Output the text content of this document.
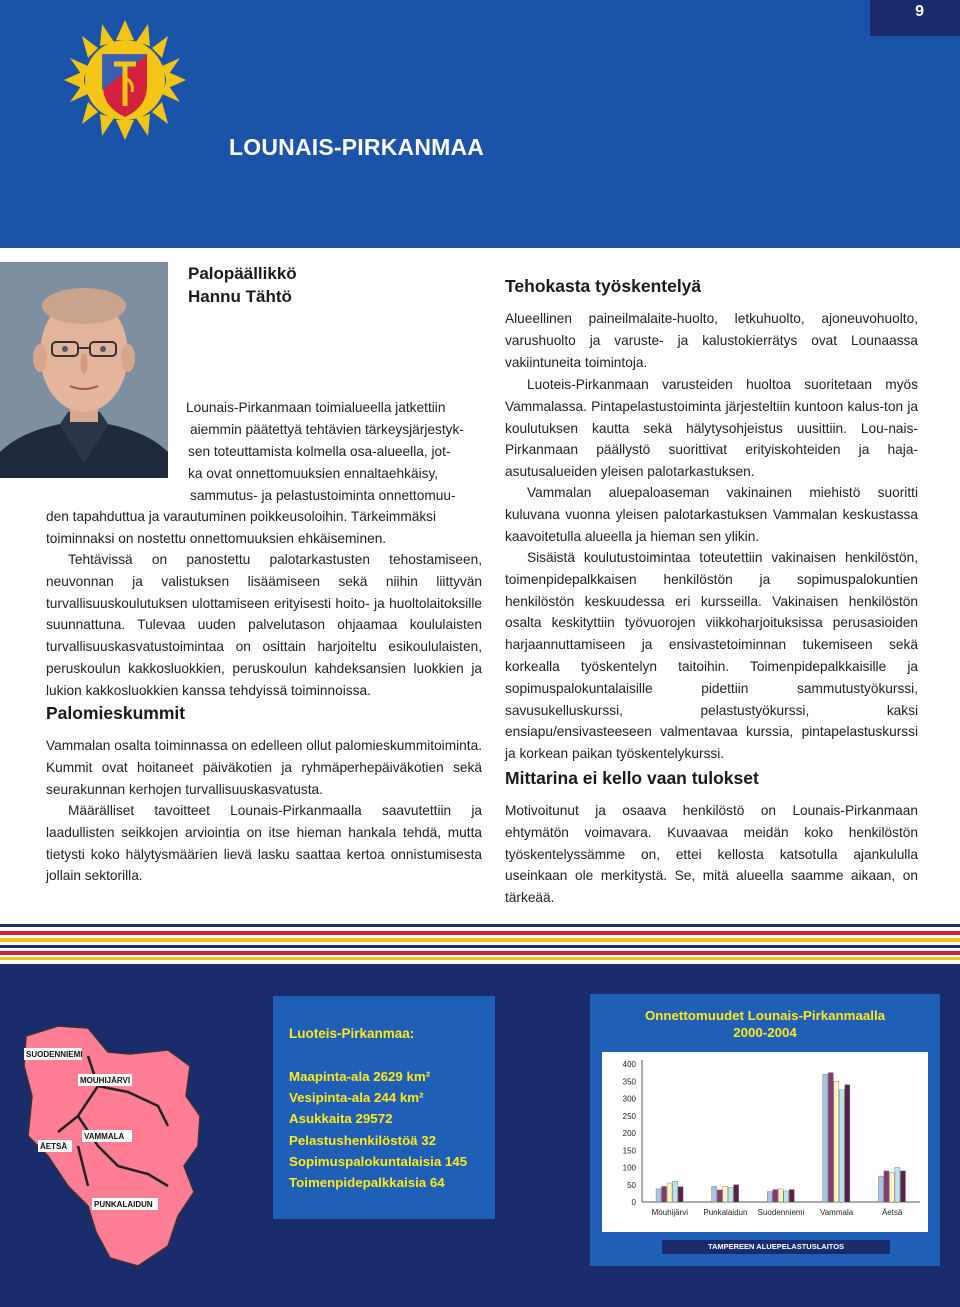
9
LOUNAIS-PIRKANMAA
Palopäällikkö
Hannu Tähtö
Lounais-Pirkanmaan toimialueella jatkettiin
aiemmin päätettyä tehtävien tärkeysjärjestyk-
sen toteuttamista kolmella osa-alueella, jot-
ka ovat onnettomuuksien ennaltaehkäisy,
sammutus- ja pelastustoiminta onnettomuu-
den tapahduttua ja varautuminen poikkeusoloihin. Tärkeimmäksi
toiminnaksi on nostettu onnettomuuksien ehkäiseminen.

Tehtävissä on panostettu palotarkastusten tehostamiseen, neuvonnan ja valistuksen lisäämiseen sekä niihin liittyvän turvallisuuskoulutuksen ulottamiseen erityisesti hoito- ja huoltolaitoksille suunnattuna. Tulevaa uuden palvelutason ohjaamaa koululaisten turvallisuuskasvatustoimintaa on osittain harjoiteltu esikoululaisten, peruskoulun kakkosluokkien, peruskoulun kahdeksansien luokkien ja lukion kakkosluokkien kanssa tehdyissä toiminnoissa.

Palomieskummit

Vammalan osalta toiminnassa on edelleen ollut palomieskummitoiminta. Kummit ovat hoitaneet päiväkotien ja ryhmäperhepäiväkotien sekä seurakunnan kerhojen turvallisuuskasvatusta.

Määrälliset tavoitteet Lounais-Pirkanmaalla saavutettiin ja laadullisten seikkojen arviointia on itse hieman hankala tehdä, mutta tietysti koko hälytysmäärien lievä lasku saattaa kertoa onnistumisesta jollain sektorilla.

Tehokasta työskentelyä

Alueellinen paineilmalaite-huolto, letkuhuolto, ajoneuvohuolto, varushuolto ja varuste- ja kalustokierrätys ovat Lounaassa vakiintuneita toimintoja.

Luoteis-Pirkanmaan varusteiden huoltoa suoritetaan myös Vammalassa. Pintapelastustoiminta järjesteltiin kuntoon kalus-ton ja koulutuksen kautta sekä hälytysohjeistus uusittiin. Lou-nais-Pirkanmaan päällystö suorittivat erityiskohteiden ja haja-asutusalueiden yleisen palotarkastuksen.

Vammalan aluepaloaseman vakinainen miehistö suoritti kuluvana vuonna yleisen palotarkastuksen Vammalan keskustassa kaavoitetulla alueella ja hieman sen ylikin.

Sisäistä koulutustoimintaa toteutettiin vakinaisen henkilöstön, toimenpidepalkkaisen henkilöstön ja sopimuspalokuntien henkilöstön keskuudessa eri kursseilla. Vakinaisen henkilöstön osalta keskityttiin työvuorojen viikkoharjoituksissa perusasioiden harjaannuttamiseen ja ensivastetoiminnan tukemiseen sekä korkealla työskentelyn taitoihin. Toimenpidepalkkaisille ja sopimuspalokuntalaisille pidettiin sammutustyökurssi, savusukelluskurssi, pelastustyökurssi, kaksi ensiapu/ensivasteeseen valmentavaa kurssia, pintapelastuskurssi ja korkean paikan työskentelykurssi.

Mittarina ei kello vaan tulokset

Motivoitunut ja osaava henkilöstö on Lounais-Pirkanmaan ehtymätön voimavara. Kuvaavaa meidän koko henkilöstön työskentelyssämme on, ettei kellosta katsotulla ajankululla useinkaan ole merkitystä. Se, mitä alueella saamme aikaan, on tärkeää.

SUODENNIEMI
MOUHIJÄRVI
ÄETSÄ
VAMMALA
PUNKALAIDUN
Luoteis-Pirkanmaa:
Maapinta-ala 2629 km²
Vesipinta-ala 244 km²
Asukkaita 29572
Pelastushenkilöstöä 32
Sopimuspalokuntalaisia 145
Toimenpidepalkkaisia 64
Onnettomuudet Lounais-Pirkanmaalla
2000-2004
0
50
100
150
200
250
300
350
400
Mouhijärvi Punkalaidun Suodenniemi Vammala	Äetsä
TAMPEREEN ALUEPELASTUSLAITOS
